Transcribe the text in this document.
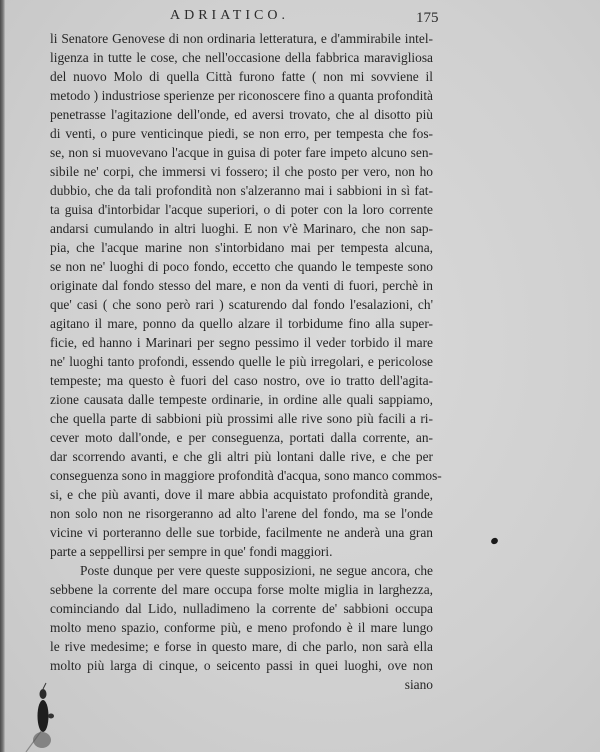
ADRIATICO.	175
li Senatore Genovese di non ordinaria letteratura, e d'ammirabile intel-
ligenza in tutte le cose, che nell'occasione della fabbrica maravigliosa
del nuovo Molo di quella Città furono fatte ( non mi sovviene il
metodo ) industriose sperienze per riconoscere fino a quanta profondità
penetrasse l'agitazione dell'onde, ed aversi trovato, che al disotto più
di venti, o pure venticinque piedi, se non erro, per tempesta che fos-
se, non si muovevano l'acque in guisa di poter fare impeto alcuno sen-
sibile ne' corpi, che immersi vi fossero; il che posto per vero, non ho
dubbio, che da tali profondità non s'alzeranno mai i sabbioni in sì fat-
ta guisa d'intorbidar l'acque superiori, o di poter con la loro corrente
andarsi cumulando in altri luoghi. E non v'è Marinaro, che non sap-
pia, che l'acque marine non s'intorbidano mai per tempesta alcuna,
se non ne' luoghi di poco fondo, eccetto che quando le tempeste sono
originate dal fondo stesso del mare, e non da venti di fuori, perchè in
que' casi ( che sono però rari ) scaturendo dal fondo l'esalazioni, ch'
agitano il mare, ponno da quello alzare il torbidume fino alla super-
ficie, ed hanno i Marinari per segno pessimo il veder torbido il mare
ne' luoghi tanto profondi, essendo quelle le più irregolari, e pericolose
tempeste; ma questo è fuori del caso nostro, ove io tratto dell'agita-
zione causata dalle tempeste ordinarie, in ordine alle quali sappiamo,
che quella parte di sabbioni più prossimi alle rive sono più facili a ri-
cever moto dall'onde, e per conseguenza, portati dalla corrente, an-
dar scorrendo avanti, e che gli altri più lontani dalle rive, e che per
conseguenza sono in maggiore profondità d'acqua, sono manco commos-
si, e che più avanti, dove il mare abbia acquistato profondità grande,
non solo non ne risorgeranno ad alto l'arene del fondo, ma se l'onde
vicine vi porteranno delle sue torbide, facilmente ne anderà una gran
parte a seppellirsi per sempre in que' fondi maggiori.
Poste dunque per vere queste supposizioni, ne segue ancora, che
sebbene la corrente del mare occupa forse molte miglia in larghezza,
cominciando dal Lido, nulladimeno la corrente de' sabbioni occupa
molto meno spazio, conforme più, e meno profondo è il mare lungo
le rive medesime; e forse in questo mare, di che parlo, non sarà ella
molto più larga di cinque, o seicento passi in quei luoghi, ove non
siano
